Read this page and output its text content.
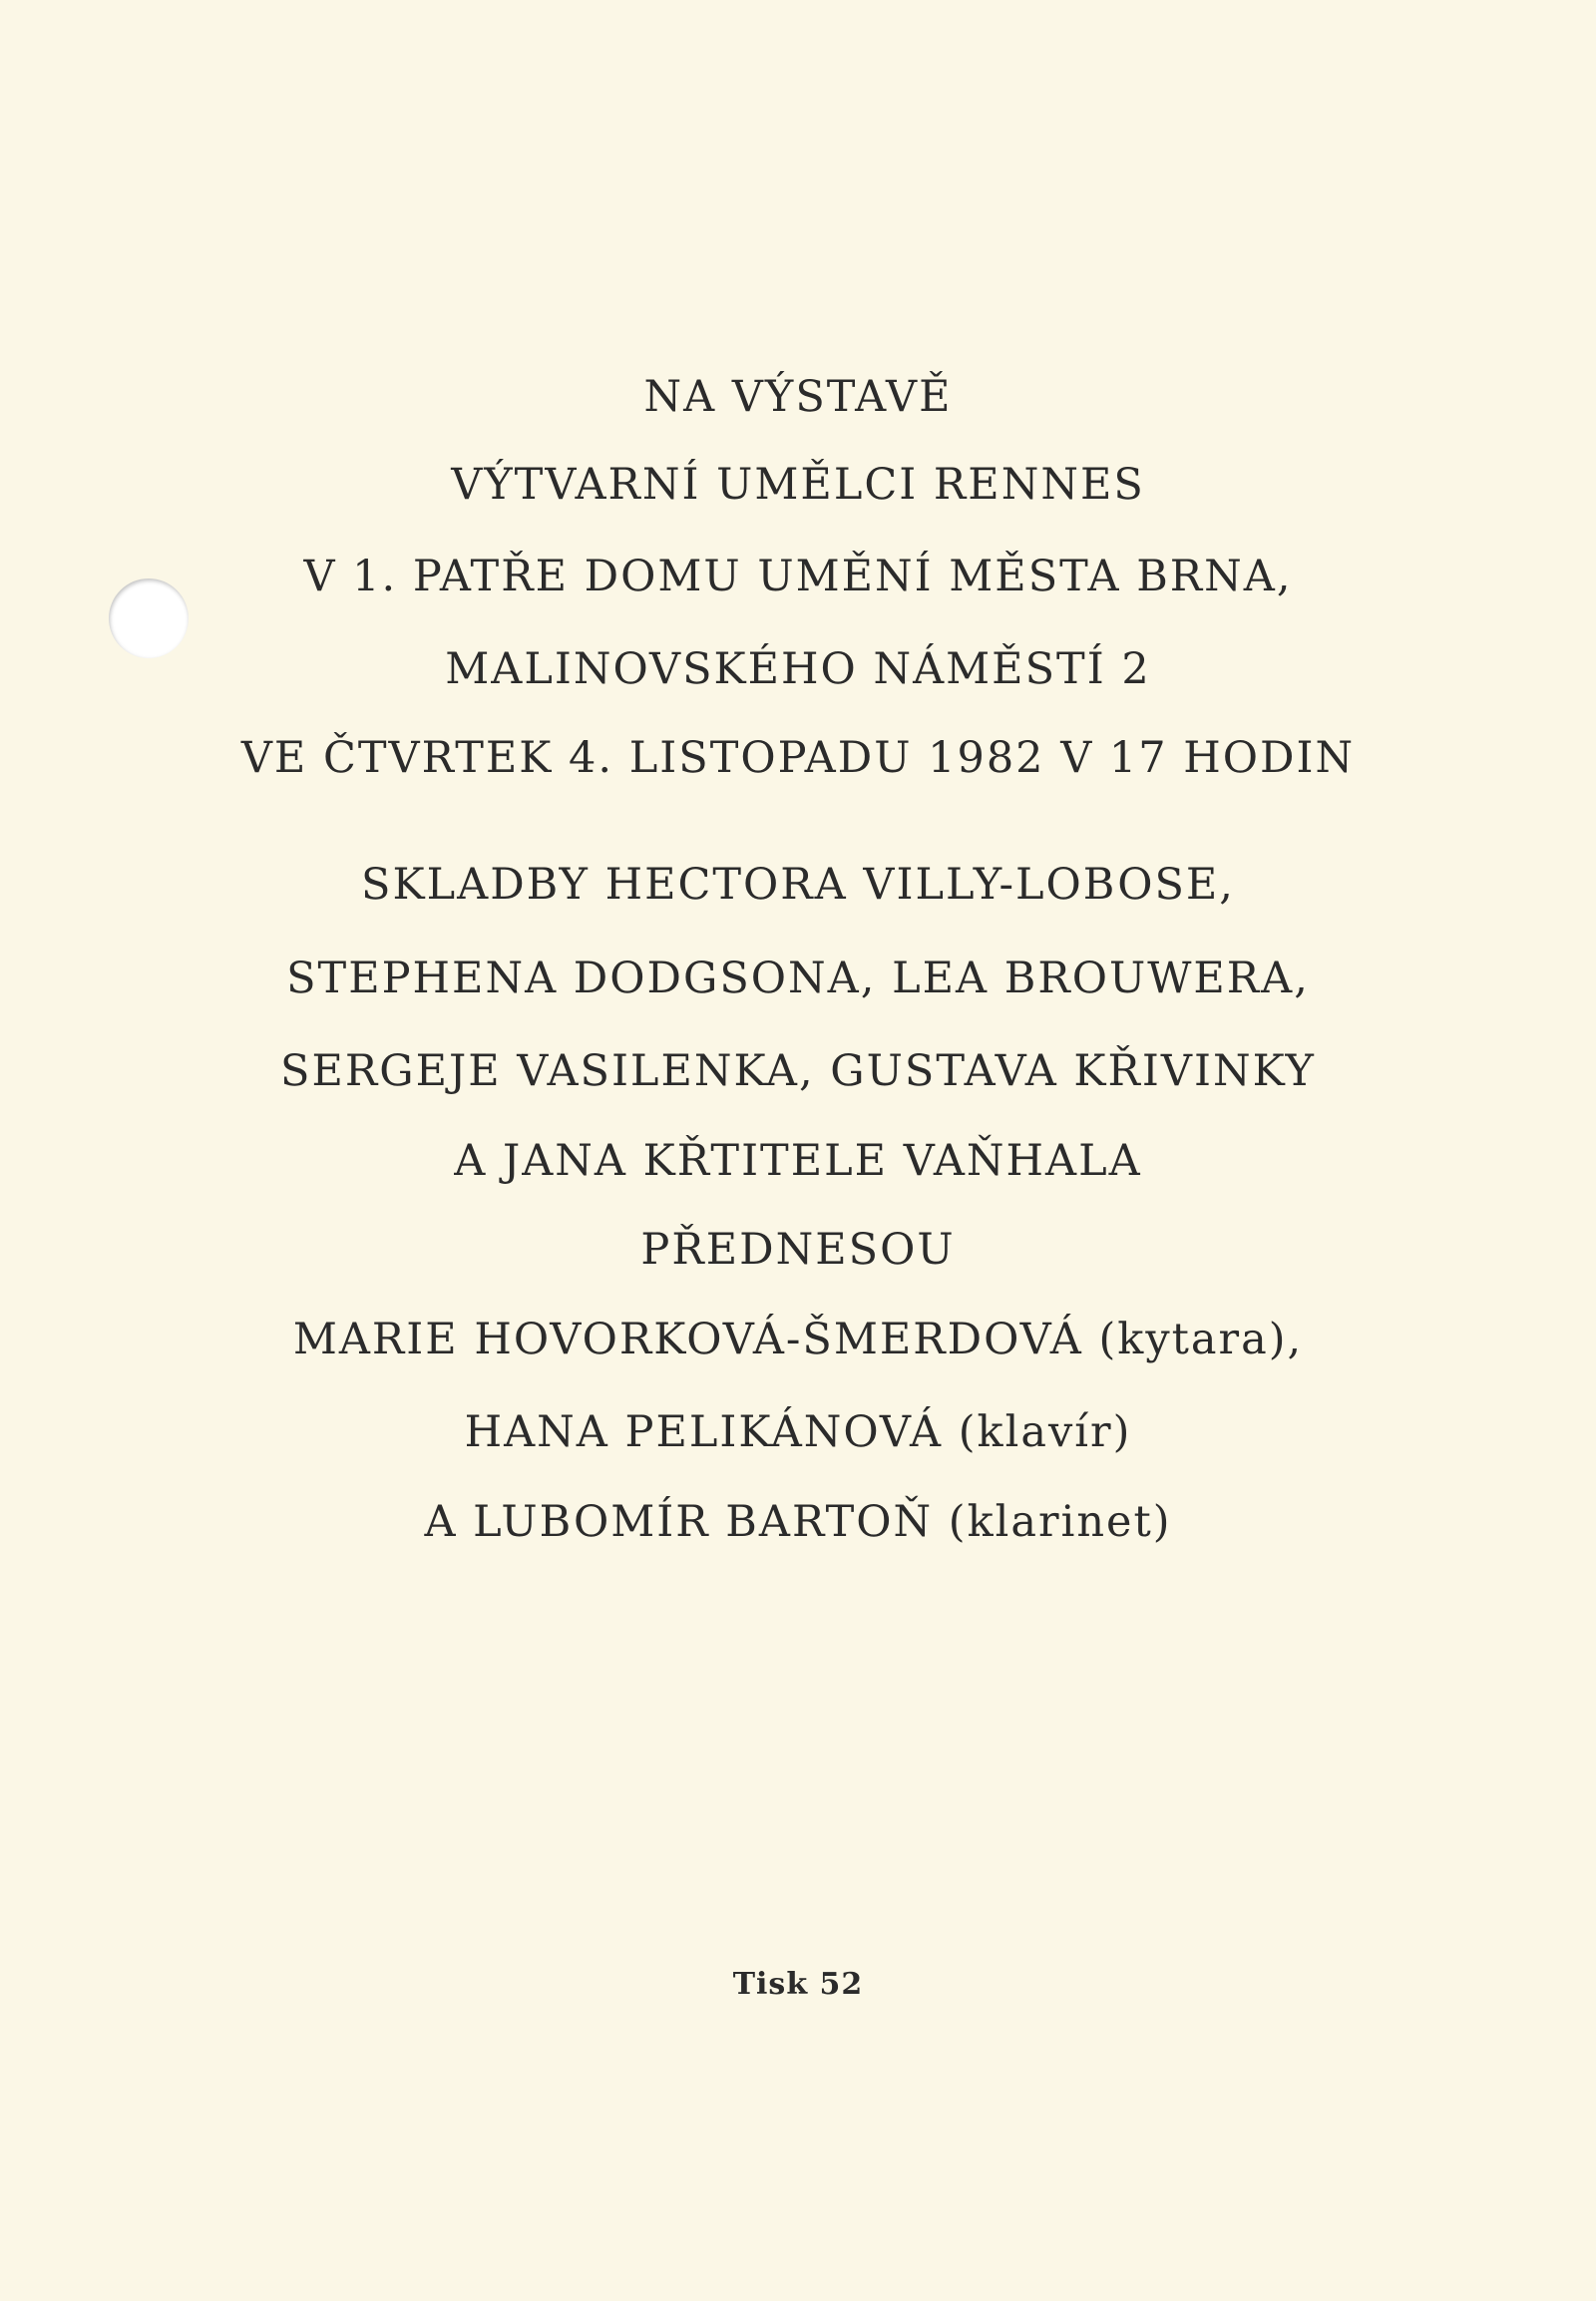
NA VÝSTAVĚ
VÝTVARNÍ UMĚLCI RENNES
V 1. PATŘE DOMU UMĚNÍ MĚSTA BRNA,
MALINOVSKÉHO NÁMĚSTÍ 2
VE ČTVRTEK 4. LISTOPADU 1982 V 17 HODIN
SKLADBY HECTORA VILLY-LOBOSE,
STEPHENA DODGSONA, LEA BROUWERA,
SERGEJE VASILENKA, GUSTAVA KŘIVINKY
A JANA KŘTITELE VAŇHALA
PŘEDNESOU
MARIE HOVORKOVÁ-ŠMERDOVÁ (kytara),
HANA PELIKÁNOVÁ (klavír)
A LUBOMÍR BARTOŇ (klarinet)
Tisk 52
